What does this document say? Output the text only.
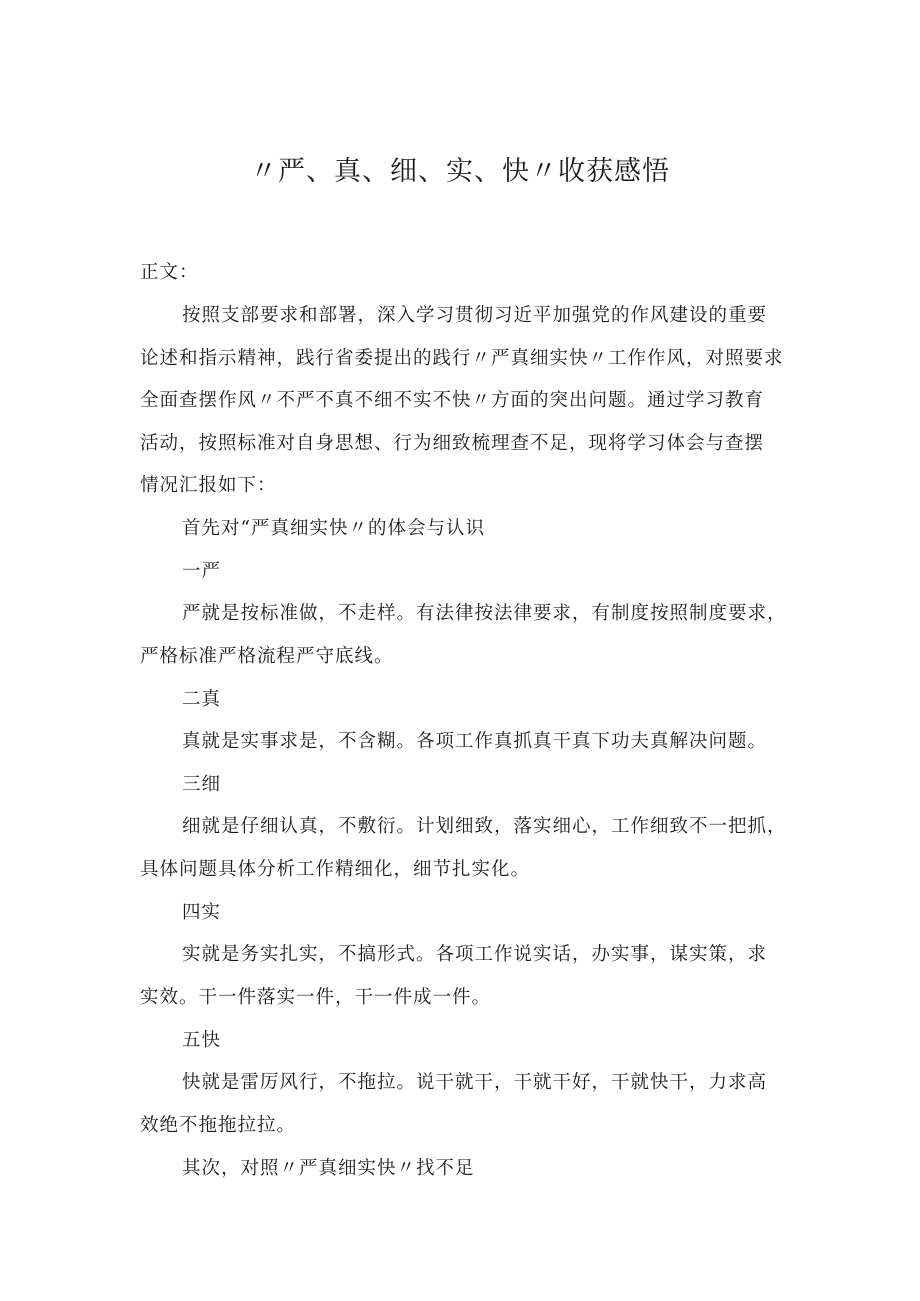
〃严、真、细、实、快〃收获感悟
正文：
按照支部要求和部署，深入学习贯彻习近平加强党的作风建设的重要
论述和指示精神，践行省委提出的践行〃严真细实快〃工作作风，对照要求
全面查摆作风〃不严不真不细不实不快〃方面的突出问题。通过学习教育
活动，按照标准对自身思想、行为细致梳理查不足，现将学习体会与查摆
情况汇报如下：
首先对“严真细实快〃的体会与认识
一严
严就是按标准做，不走样。有法律按法律要求，有制度按照制度要求，
严格标准严格流程严守底线。
二真
真就是实事求是，不含糊。各项工作真抓真干真下功夫真解决问题。
三细
细就是仔细认真，不敷衍。计划细致，落实细心，工作细致不一把抓，
具体问题具体分析工作精细化，细节扎实化。
四实
实就是务实扎实，不搞形式。各项工作说实话，办实事，谋实策，求
实效。干一件落实一件，干一件成一件。
五快
快就是雷厉风行，不拖拉。说干就干，干就干好，干就快干，力求高
效绝不拖拖拉拉。
其次，对照〃严真细实快〃找不足
